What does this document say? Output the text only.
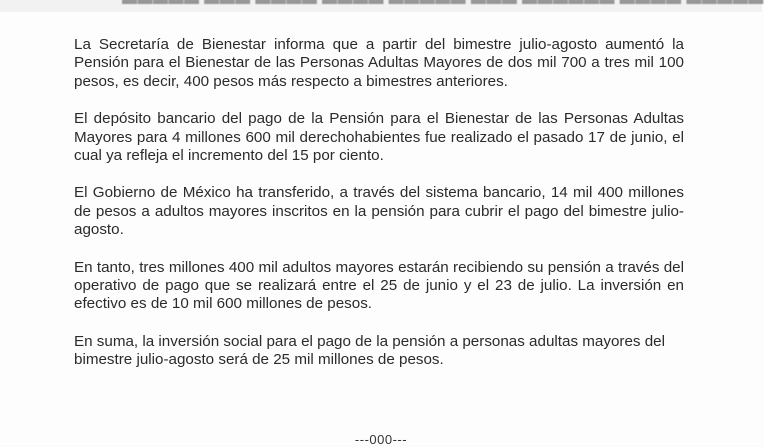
La Secretaría de Bienestar informa que a partir del bimestre julio-agosto aumentó la Pensión para el Bienestar de las Personas Adultas Mayores de dos mil 700 a tres mil 100 pesos, es decir, 400 pesos más respecto a bimestres anteriores.

El depósito bancario del pago de la Pensión para el Bienestar de las Personas Adultas Mayores para 4 millones 600 mil derechohabientes fue realizado el pasado 17 de junio, el cual ya refleja el incremento del 15 por ciento.

El Gobierno de México ha transferido, a través del sistema bancario, 14 mil 400 millones de pesos a adultos mayores inscritos en la pensión para cubrir el pago del bimestre julio-agosto.

En tanto, tres millones 400 mil adultos mayores estarán recibiendo su pensión a través del operativo de pago que se realizará entre el 25 de junio y el 23 de julio. La inversión en efectivo es de 10 mil 600 millones de pesos.

En suma, la inversión social para el pago de la pensión a personas adultas mayores del bimestre julio-agosto será de 25 mil millones de pesos.

---000---
